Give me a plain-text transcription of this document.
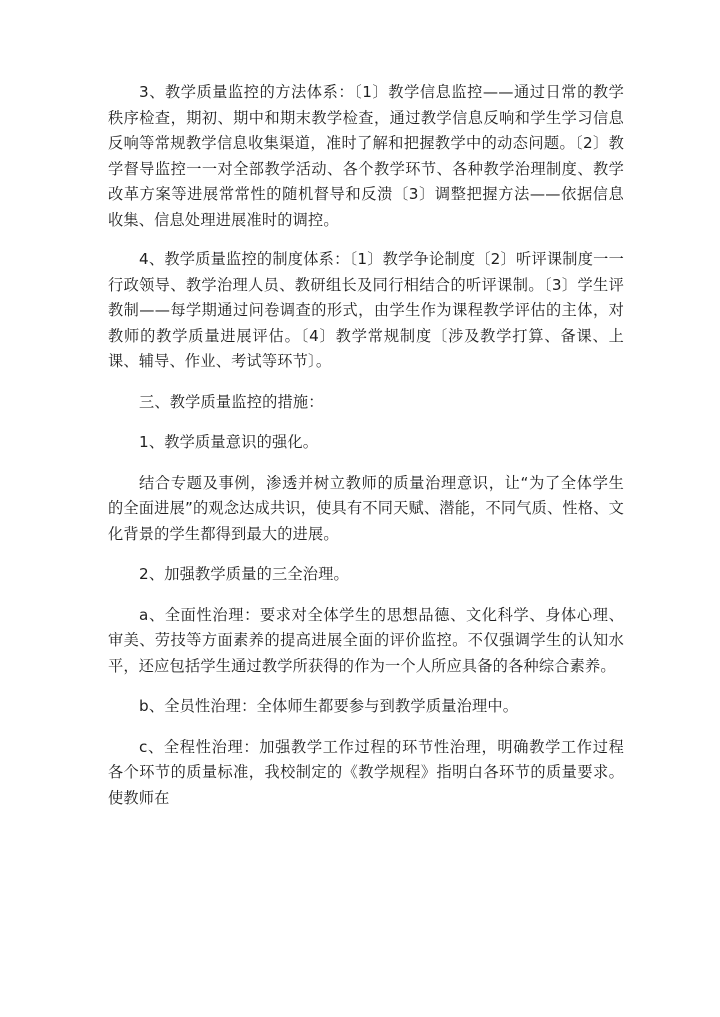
3、教学质量监控的方法体系：〔1〕教学信息监控——通过日常的教学秩序检查，期初、期中和期末教学检查，通过教学信息反响和学生学习信息反响等常规教学信息收集渠道，准时了解和把握教学中的动态问题。〔2〕教学督导监控一一对全部教学活动、各个教学环节、各种教学治理制度、教学改革方案等进展常常性的随机督导和反溃〔3〕调整把握方法——依据信息收集、信息处理进展准时的调控。

4、教学质量监控的制度体系：〔1〕教学争论制度〔2〕听评课制度一一行政领导、教学治理人员、教研组长及同行相结合的听评课制。〔3〕学生评教制——每学期通过问卷调查的形式，由学生作为课程教学评估的主体，对教师的教学质量进展评估。〔4〕教学常规制度〔涉及教学打算、备课、上课、辅导、作业、考试等环节〕。

三、教学质量监控的措施：

1、教学质量意识的强化。

结合专题及事例，渗透并树立教师的质量治理意识，让“为了全体学生的全面进展”的观念达成共识，使具有不同天赋、潜能，不同气质、性格、文化背景的学生都得到最大的进展。

2、加强教学质量的三全治理。

a、全面性治理：要求对全体学生的思想品德、文化科学、身体心理、审美、劳技等方面素养的提高进展全面的评价监控。不仅强调学生的认知水平，还应包括学生通过教学所获得的作为一个人所应具备的各种综合素养。

b、全员性治理：全体师生都要参与到教学质量治理中。

c、全程性治理：加强教学工作过程的环节性治理，明确教学工作过程各个环节的质量标准，我校制定的《教学规程》指明白各环节的质量要求。使教师在
